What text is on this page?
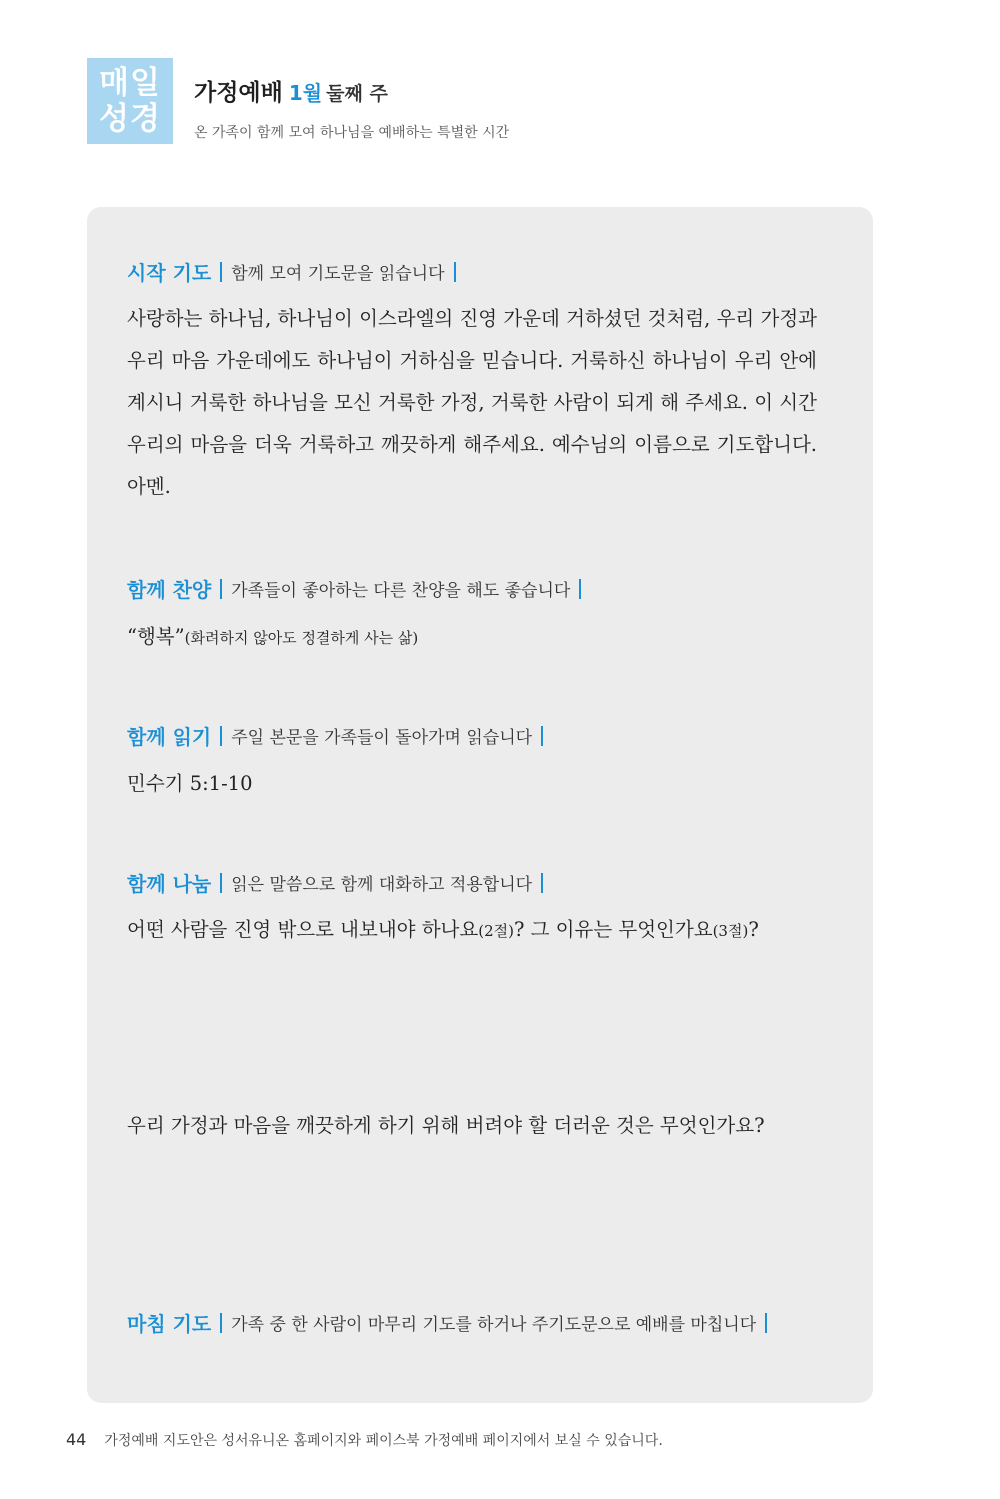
매일
성경
가정예배 1월 둘째 주
온 가족이 함께 모여 하나님을 예배하는 특별한 시간
시작 기도 함께 모여 기도문을 읽습니다
사랑하는 하나님, 하나님이 이스라엘의 진영 가운데 거하셨던 것처럼, 우리 가정과 우리 마음 가운데에도 하나님이 거하심을 믿습니다. 거룩하신 하나님이 우리 안에 계시니 거룩한 하나님을 모신 거룩한 가정, 거룩한 사람이 되게 해 주세요. 이 시간 우리의 마음을 더욱 거룩하고 깨끗하게 해주세요. 예수님의 이름으로 기도합니다. 아멘.
함께 찬양 가족들이 좋아하는 다른 찬양을 해도 좋습니다
“행복”(화려하지 않아도 정결하게 사는 삶)
함께 읽기 주일 본문을 가족들이 돌아가며 읽습니다
민수기 5:1-10
함께 나눔 읽은 말씀으로 함께 대화하고 적용합니다
어떤 사람을 진영 밖으로 내보내야 하나요(2절)? 그 이유는 무엇인가요(3절)?
우리 가정과 마음을 깨끗하게 하기 위해 버려야 할 더러운 것은 무엇인가요?
마침 기도 가족 중 한 사람이 마무리 기도를 하거나 주기도문으로 예배를 마칩니다
44 가정예배 지도안은 성서유니온 홈페이지와 페이스북 가정예배 페이지에서 보실 수 있습니다.
